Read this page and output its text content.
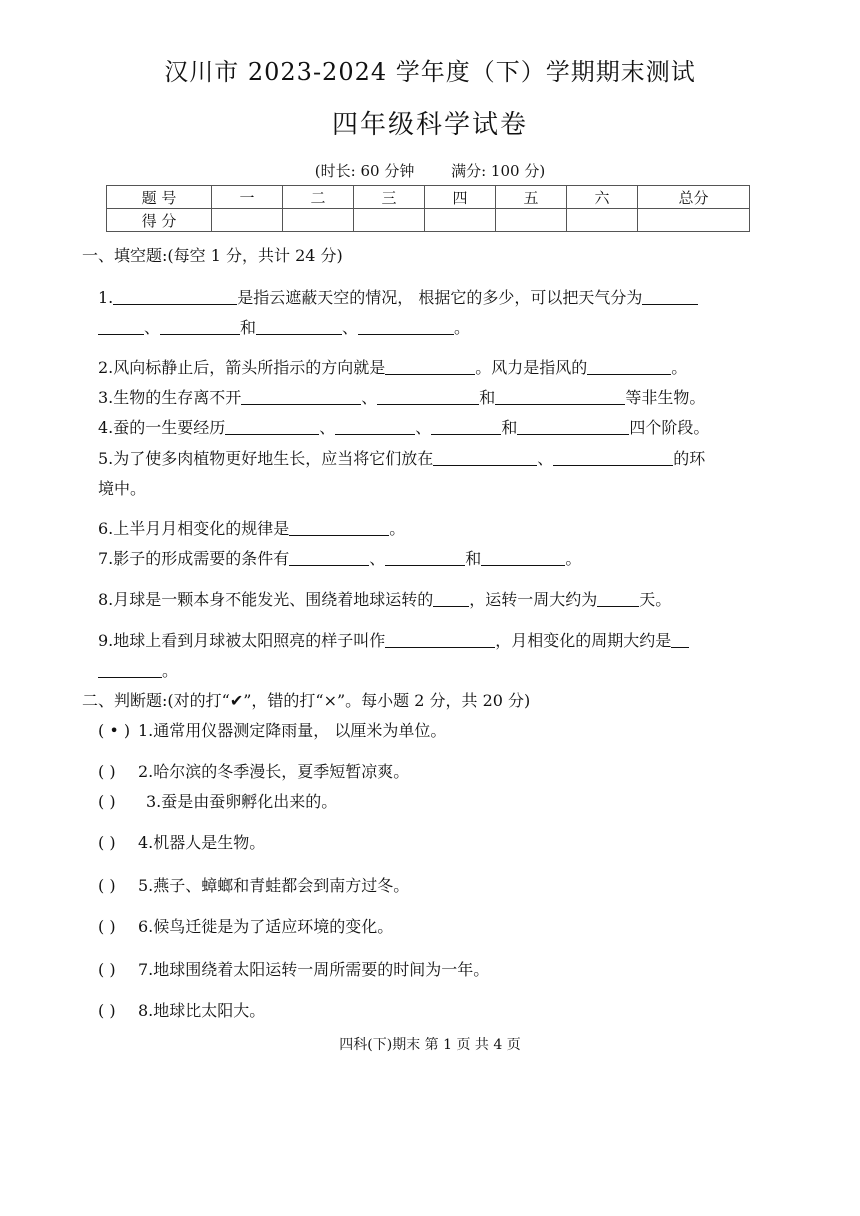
汉川市 2023-2024 学年度（下）学期期末测试
四年级科学试卷
(时长: 60 分钟 满分: 100 分)
题 号	一	二	三	四	五	六	总分
得 分							
一、填空题:(每空 1 分，共计 24 分)
1.	是指云遮蔽天空的情况， 根据它的多少，可以把天气分为
、	和	、	。
2.风向标静止后，箭头所指示的方向就是	。风力是指风的	。
3.生物的生存离不开	、	和	等非生物。
4.蚕的一生要经历	、	、	和	四个阶段。
5.为了使多肉植物更好地生长，应当将它们放在	、	的环
境中。
6.上半月月相变化的规律是	。
7.影子的形成需要的条件有	、	和	。
8.月球是一颗本身不能发光、围绕着地球运转的 ，运转一周大约为	天。
9.地球上看到月球被太阳照亮的样子叫作	，月相变化的周期大约是
。
二、判断题:(对的打“✔”，错的打“×”。每小题 2 分，共 20 分)
( • ) 1.通常用仪器测定降雨量， 以厘米为单位。
( ) 2.哈尔滨的冬季漫长，夏季短暂凉爽。
( ) 3.蚕是由蚕卵孵化出来的。
( ) 4.机器人是生物。
( ) 5.燕子、蟑螂和青蛙都会到南方过冬。
( ) 6.候鸟迁徙是为了适应环境的变化。
( ) 7.地球围绕着太阳运转一周所需要的时间为一年。
( ) 8.地球比太阳大。
四科(下)期末 第 1 页 共 4 页
